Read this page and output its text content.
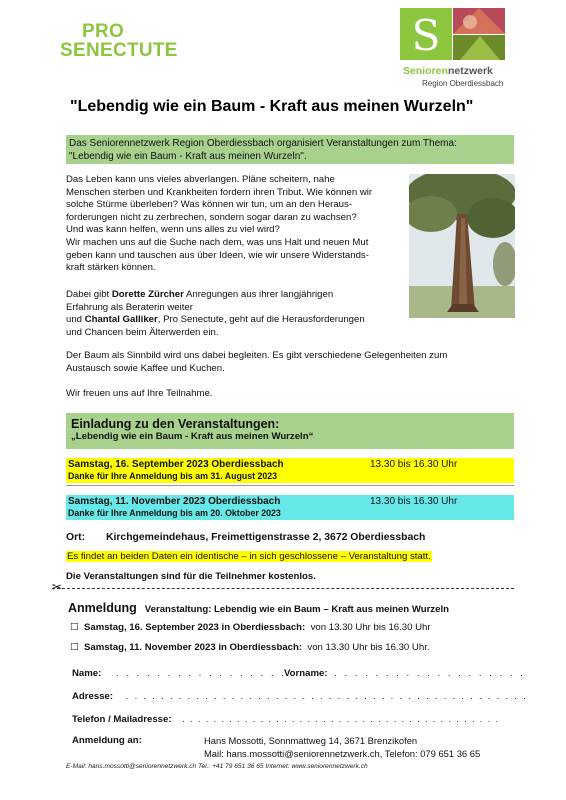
PRO
SENECTUTE	S
Seniorennetzwerk
Region Oberdiessbach
"Lebendig wie ein Baum - Kraft aus meinen Wurzeln"
Das Seniorennetzwerk Region Oberdiessbach organisiert Veranstaltungen zum Thema:
"Lebendig wie ein Baum - Kraft aus meinen Wurzeln".
Das Leben kann uns vieles abverlangen. Pläne scheitern, nahe
Menschen sterben und Krankheiten fordern ihren Tribut. Wie können wir
solche Stürme überleben? Was können wir tun, um an den Heraus-
forderungen nicht zu zerbrechen, sondern sogar daran zu wachsen?
Und was kann helfen, wenn uns alles zu viel wird?
Wir machen uns auf die Suche nach dem, was uns Halt und neuen Mut
geben kann und tauschen aus über Ideen, wie wir unsere Widerstands-
kraft stärken können.
Dabei gibt Dorette Zürcher Anregungen aus ihrer langjährigen
Erfahrung als Beraterin weiter
und Chantal Galliker, Pro Senectute, geht auf die Herausforderungen
und Chancen beim Älterwerden ein.
Der Baum als Sinnbild wird uns dabei begleiten. Es gibt verschiedene Gelegenheiten zum
Austausch sowie Kaffee und Kuchen.
Wir freuen uns auf Ihre Teilnahme.
Einladung zu den Veranstaltungen:
„Lebendig wie ein Baum - Kraft aus meinen Wurzeln“
Samstag, 16. September 2023 Oberdiessbach	13.30 bis 16.30 Uhr
Danke für Ihre Anmeldung bis am 31. August 2023
Samstag, 11. November 2023 Oberdiessbach	13.30 bis 16.30 Uhr
Danke für Ihre Anmeldung bis am 20. Oktober 2023
Ort: Kirchgemeindehaus, Freimettigenstrasse 2, 3672 Oberdiessbach
Es findet an beiden Daten ein identische – in sich geschlossene – Veranstaltung statt.
Die Veranstaltungen sind für die Teilnehmer kostenlos.
✂
Anmeldung Veranstaltung: Lebendig wie ein Baum – Kraft aus meinen Wurzeln
☐ Samstag, 16. September 2023 in Oberdiessbach: von 13.30 Uhr bis 16.30 Uhr
☐ Samstag, 11. November 2023 in Oberdiessbach: von 13.30 Uhr bis 16.30 Uhr.
Name: . . . . . . . . . . . . . . . . . .
Vorname: . . . . . . . . . . . . . . . . . . .
Adresse: . . . . . . . . . . . . . . . . . . . . . . . . . . . . . . . . . . . . . . . . . . . . . .
Telefon / Mailadresse: . . . . . . . . . . . . . . . . . . . . . . . . . . . . . . . . . . . . . . . . .
Anmeldung an:	Hans Mossotti, Sonnmattweg 14, 3671 Brenzikofen
Mail: hans.mossotti@seniorennetzwerk.ch, Telefon: 079 651 36 65
E-Mail: hans.mossotti@seniorennetzwerk.ch Tel.: +41 79 651 36 65 Internet: www.seniorennetzwerk.ch
